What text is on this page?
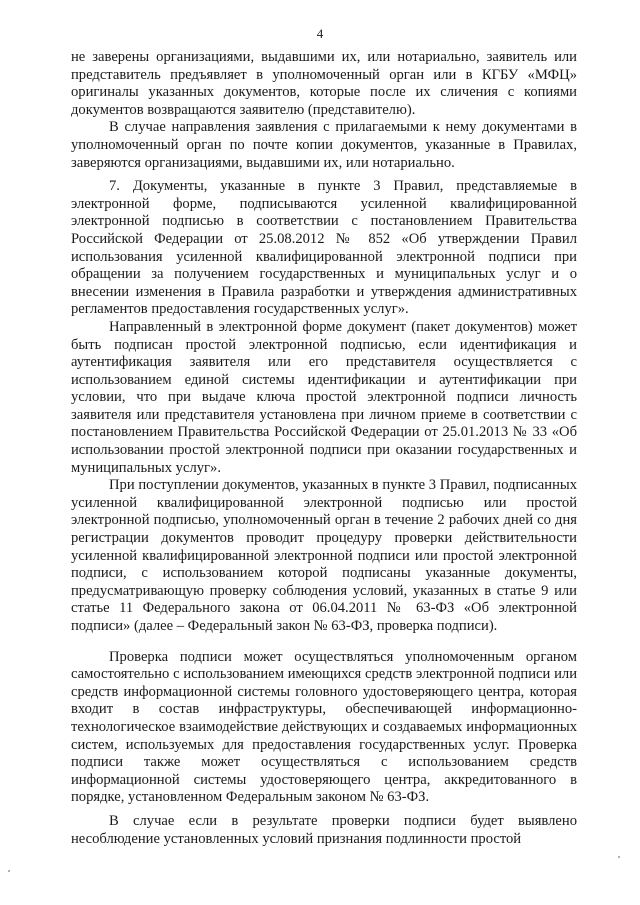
4

не заверены организациями, выдавшими их, или нотариально, заявитель или представитель предъявляет в уполномоченный орган или в КГБУ «МФЦ» оригиналы указанных документов, которые после их сличения с копиями документов возвращаются заявителю (представителю).

В случае направления заявления с прилагаемыми к нему документами в уполномоченный орган по почте копии документов, указанные в Правилах, заверяются организациями, выдавшими их, или нотариально.

7. Документы, указанные в пункте 3 Правил, представляемые в электронной форме, подписываются усиленной квалифицированной электронной подписью в соответствии с постановлением Правительства Российской Федерации от 25.08.2012 № 852 «Об утверждении Правил использования усиленной квалифицированной электронной подписи при обращении за получением государственных и муниципальных услуг и о внесении изменения в Правила разработки и утверждения административных регламентов предоставления государственных услуг».

Направленный в электронной форме документ (пакет документов) может быть подписан простой электронной подписью, если идентификация и аутентификация заявителя или его представителя осуществляется с использованием единой системы идентификации и аутентификации при условии, что при выдаче ключа простой электронной подписи личность заявителя или представителя установлена при личном приеме в соответствии с постановлением Правительства Российской Федерации от 25.01.2013 № 33 «Об использовании простой электронной подписи при оказании государственных и муниципальных услуг».

При поступлении документов, указанных в пункте 3 Правил, подписанных усиленной квалифицированной электронной подписью или простой электронной подписью, уполномоченный орган в течение 2 рабочих дней со дня регистрации документов проводит процедуру проверки действительности усиленной квалифицированной электронной подписи или простой электронной подписи, с использованием которой подписаны указанные документы, предусматривающую проверку соблюдения условий, указанных в статье 9 или статье 11 Федерального закона от 06.04.2011 № 63-ФЗ «Об электронной подписи» (далее – Федеральный закон № 63-ФЗ, проверка подписи).

Проверка подписи может осуществляться уполномоченным органом самостоятельно с использованием имеющихся средств электронной подписи или средств информационной системы головного удостоверяющего центра, которая входит в состав инфраструктуры, обеспечивающей информационно-технологическое взаимодействие действующих и создаваемых информационных систем, используемых для предоставления государственных услуг. Проверка подписи также может осуществляться с использованием средств информационной системы удостоверяющего центра, аккредитованного в порядке, установленном Федеральным законом № 63-ФЗ.

В случае если в результате проверки подписи будет выявлено несоблюдение установленных условий признания подлинности простой
